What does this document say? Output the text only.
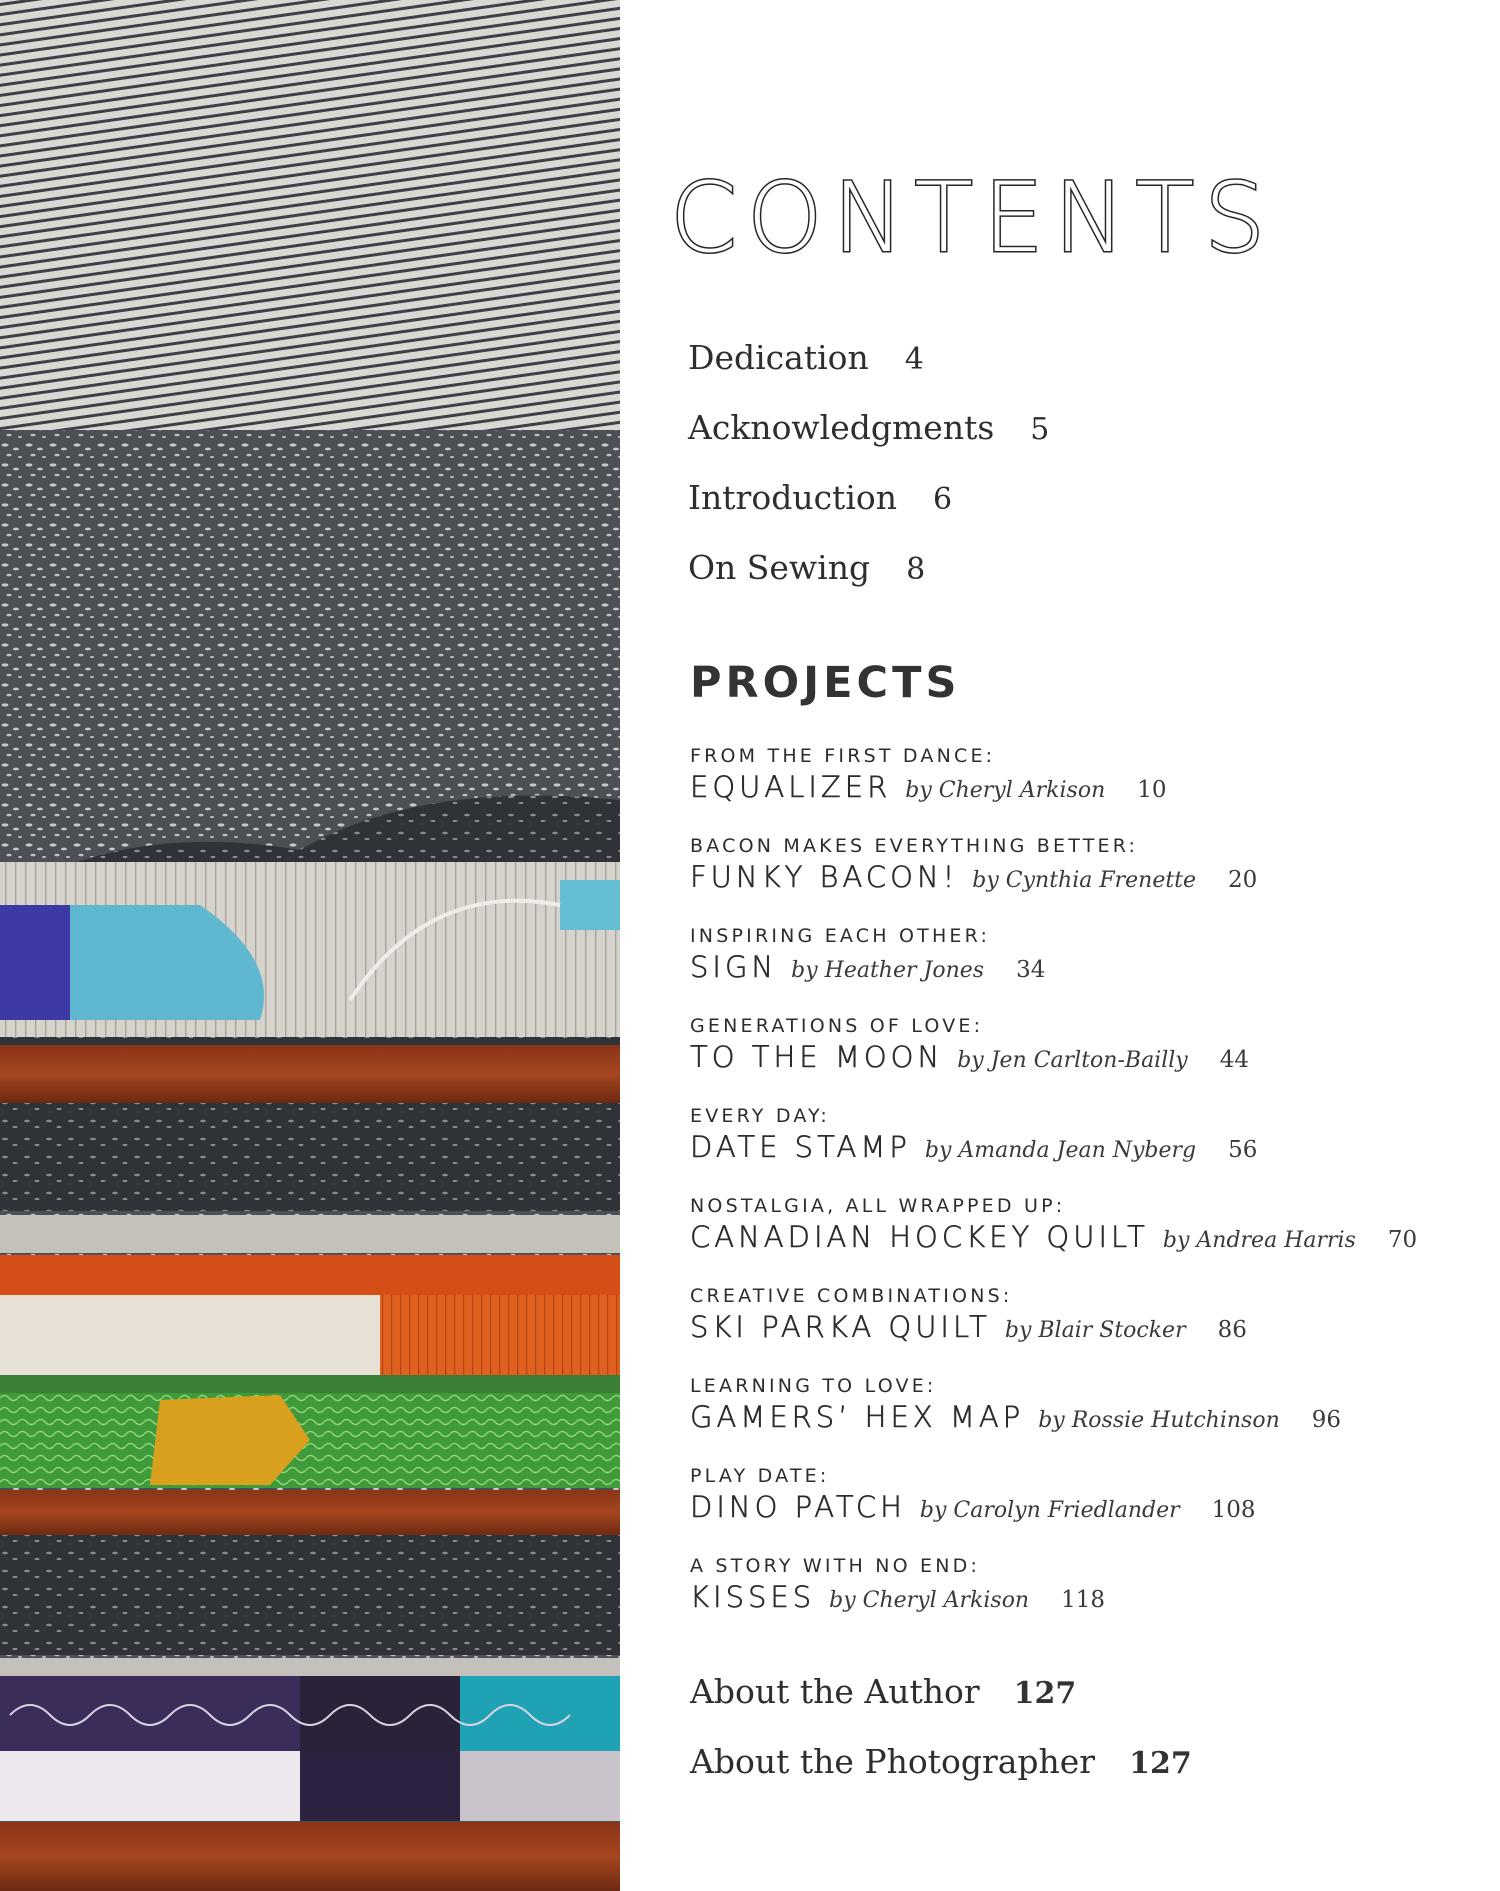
CONTENTS
Dedication 4
Acknowledgments 5
Introduction 6
On Sewing 8
PROJECTS
FROM THE FIRST DANCE:
EQUALIZER by Cheryl Arkison 10
BACON MAKES EVERYTHING BETTER:
FUNKY BACON! by Cynthia Frenette 20
INSPIRING EACH OTHER:
SIGN by Heather Jones 34
GENERATIONS OF LOVE:
TO THE MOON by Jen Carlton-Bailly 44
EVERY DAY:
DATE STAMP by Amanda Jean Nyberg 56
NOSTALGIA, ALL WRAPPED UP:
CANADIAN HOCKEY QUILT by Andrea Harris 70
CREATIVE COMBINATIONS:
SKI PARKA QUILT by Blair Stocker 86
LEARNING TO LOVE:
GAMERS’ HEX MAP by Rossie Hutchinson 96
PLAY DATE:
DINO PATCH by Carolyn Friedlander 108
A STORY WITH NO END:
KISSES by Cheryl Arkison 118
About the Author 127
About the Photographer 127
